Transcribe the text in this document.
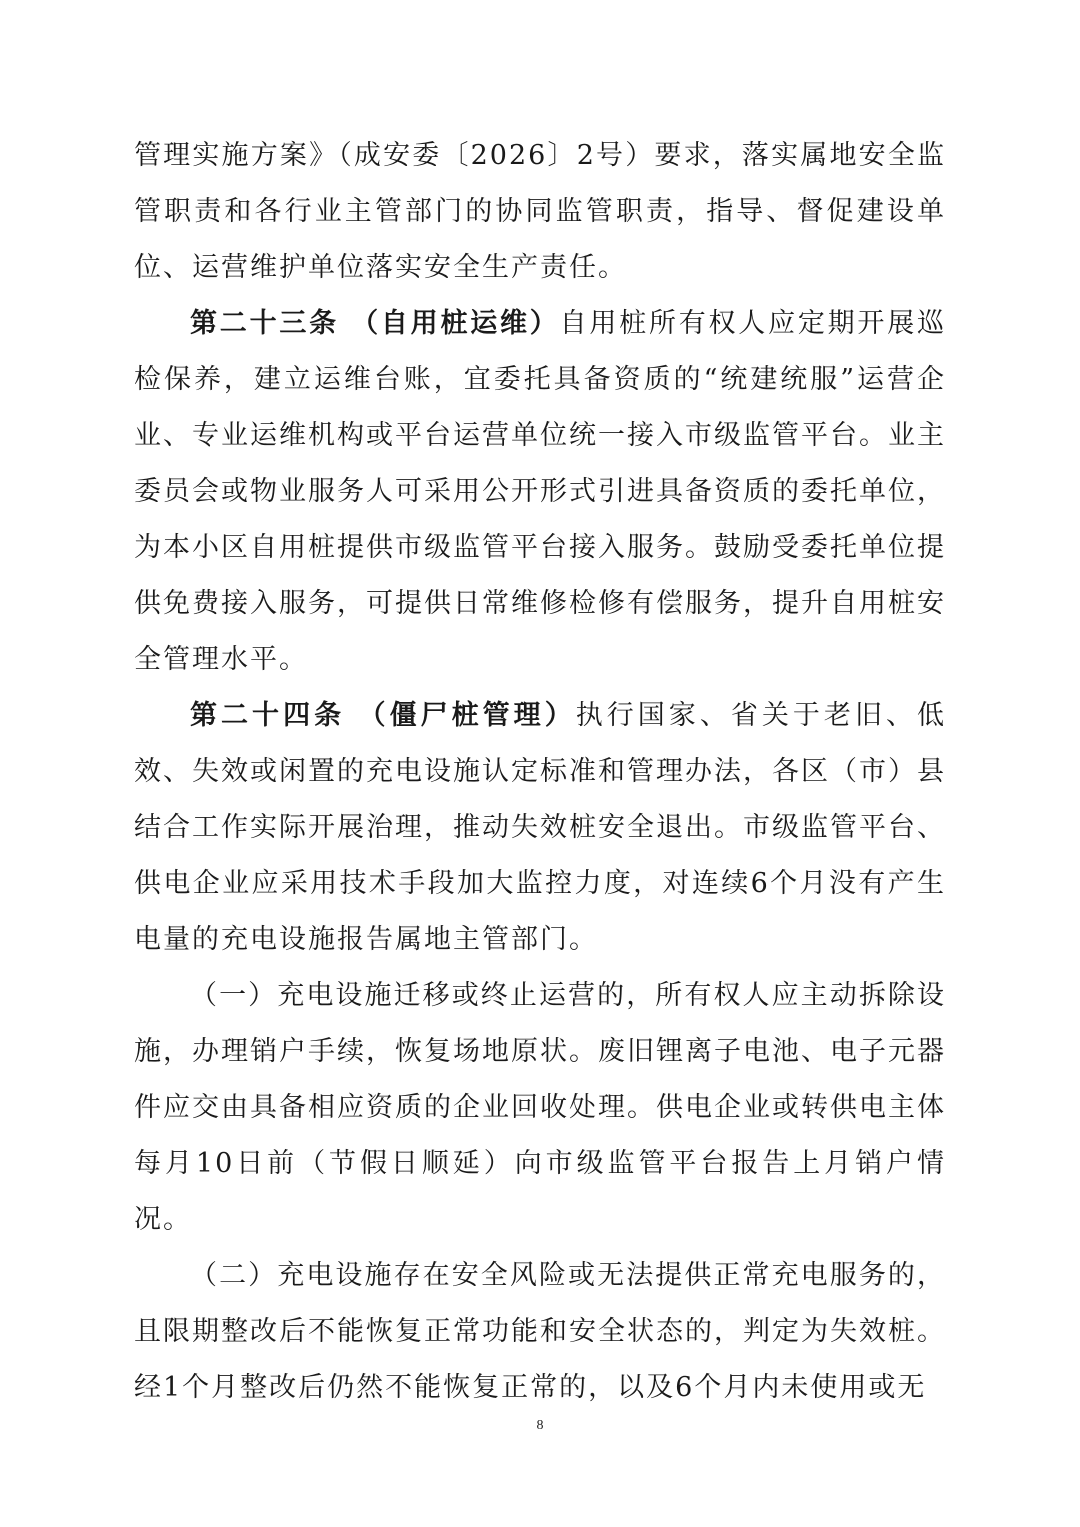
管理实施方案》（成安委〔2026〕2号）要求，落实属地安全监管职责和各行业主管部门的协同监管职责，指导、督促建设单位、运营维护单位落实安全生产责任。

第二十三条 （自用桩运维）自用桩所有权人应定期开展巡检保养，建立运维台账，宜委托具备资质的“统建统服”运营企业、专业运维机构或平台运营单位统一接入市级监管平台。业主委员会或物业服务人可采用公开形式引进具备资质的委托单位，为本小区自用桩提供市级监管平台接入服务。鼓励受委托单位提供免费接入服务，可提供日常维修检修有偿服务，提升自用桩安全管理水平。

第二十四条 （僵尸桩管理）执行国家、省关于老旧、低效、失效或闲置的充电设施认定标准和管理办法，各区（市）县结合工作实际开展治理，推动失效桩安全退出。市级监管平台、供电企业应采用技术手段加大监控力度，对连续6个月没有产生电量的充电设施报告属地主管部门。

（一）充电设施迁移或终止运营的，所有权人应主动拆除设施，办理销户手续，恢复场地原状。废旧锂离子电池、电子元器件应交由具备相应资质的企业回收处理。供电企业或转供电主体每月10日前（节假日顺延）向市级监管平台报告上月销户情况。

（二）充电设施存在安全风险或无法提供正常充电服务的，且限期整改后不能恢复正常功能和安全状态的，判定为失效桩。经1个月整改后仍然不能恢复正常的，以及6个月内未使用或无

8
